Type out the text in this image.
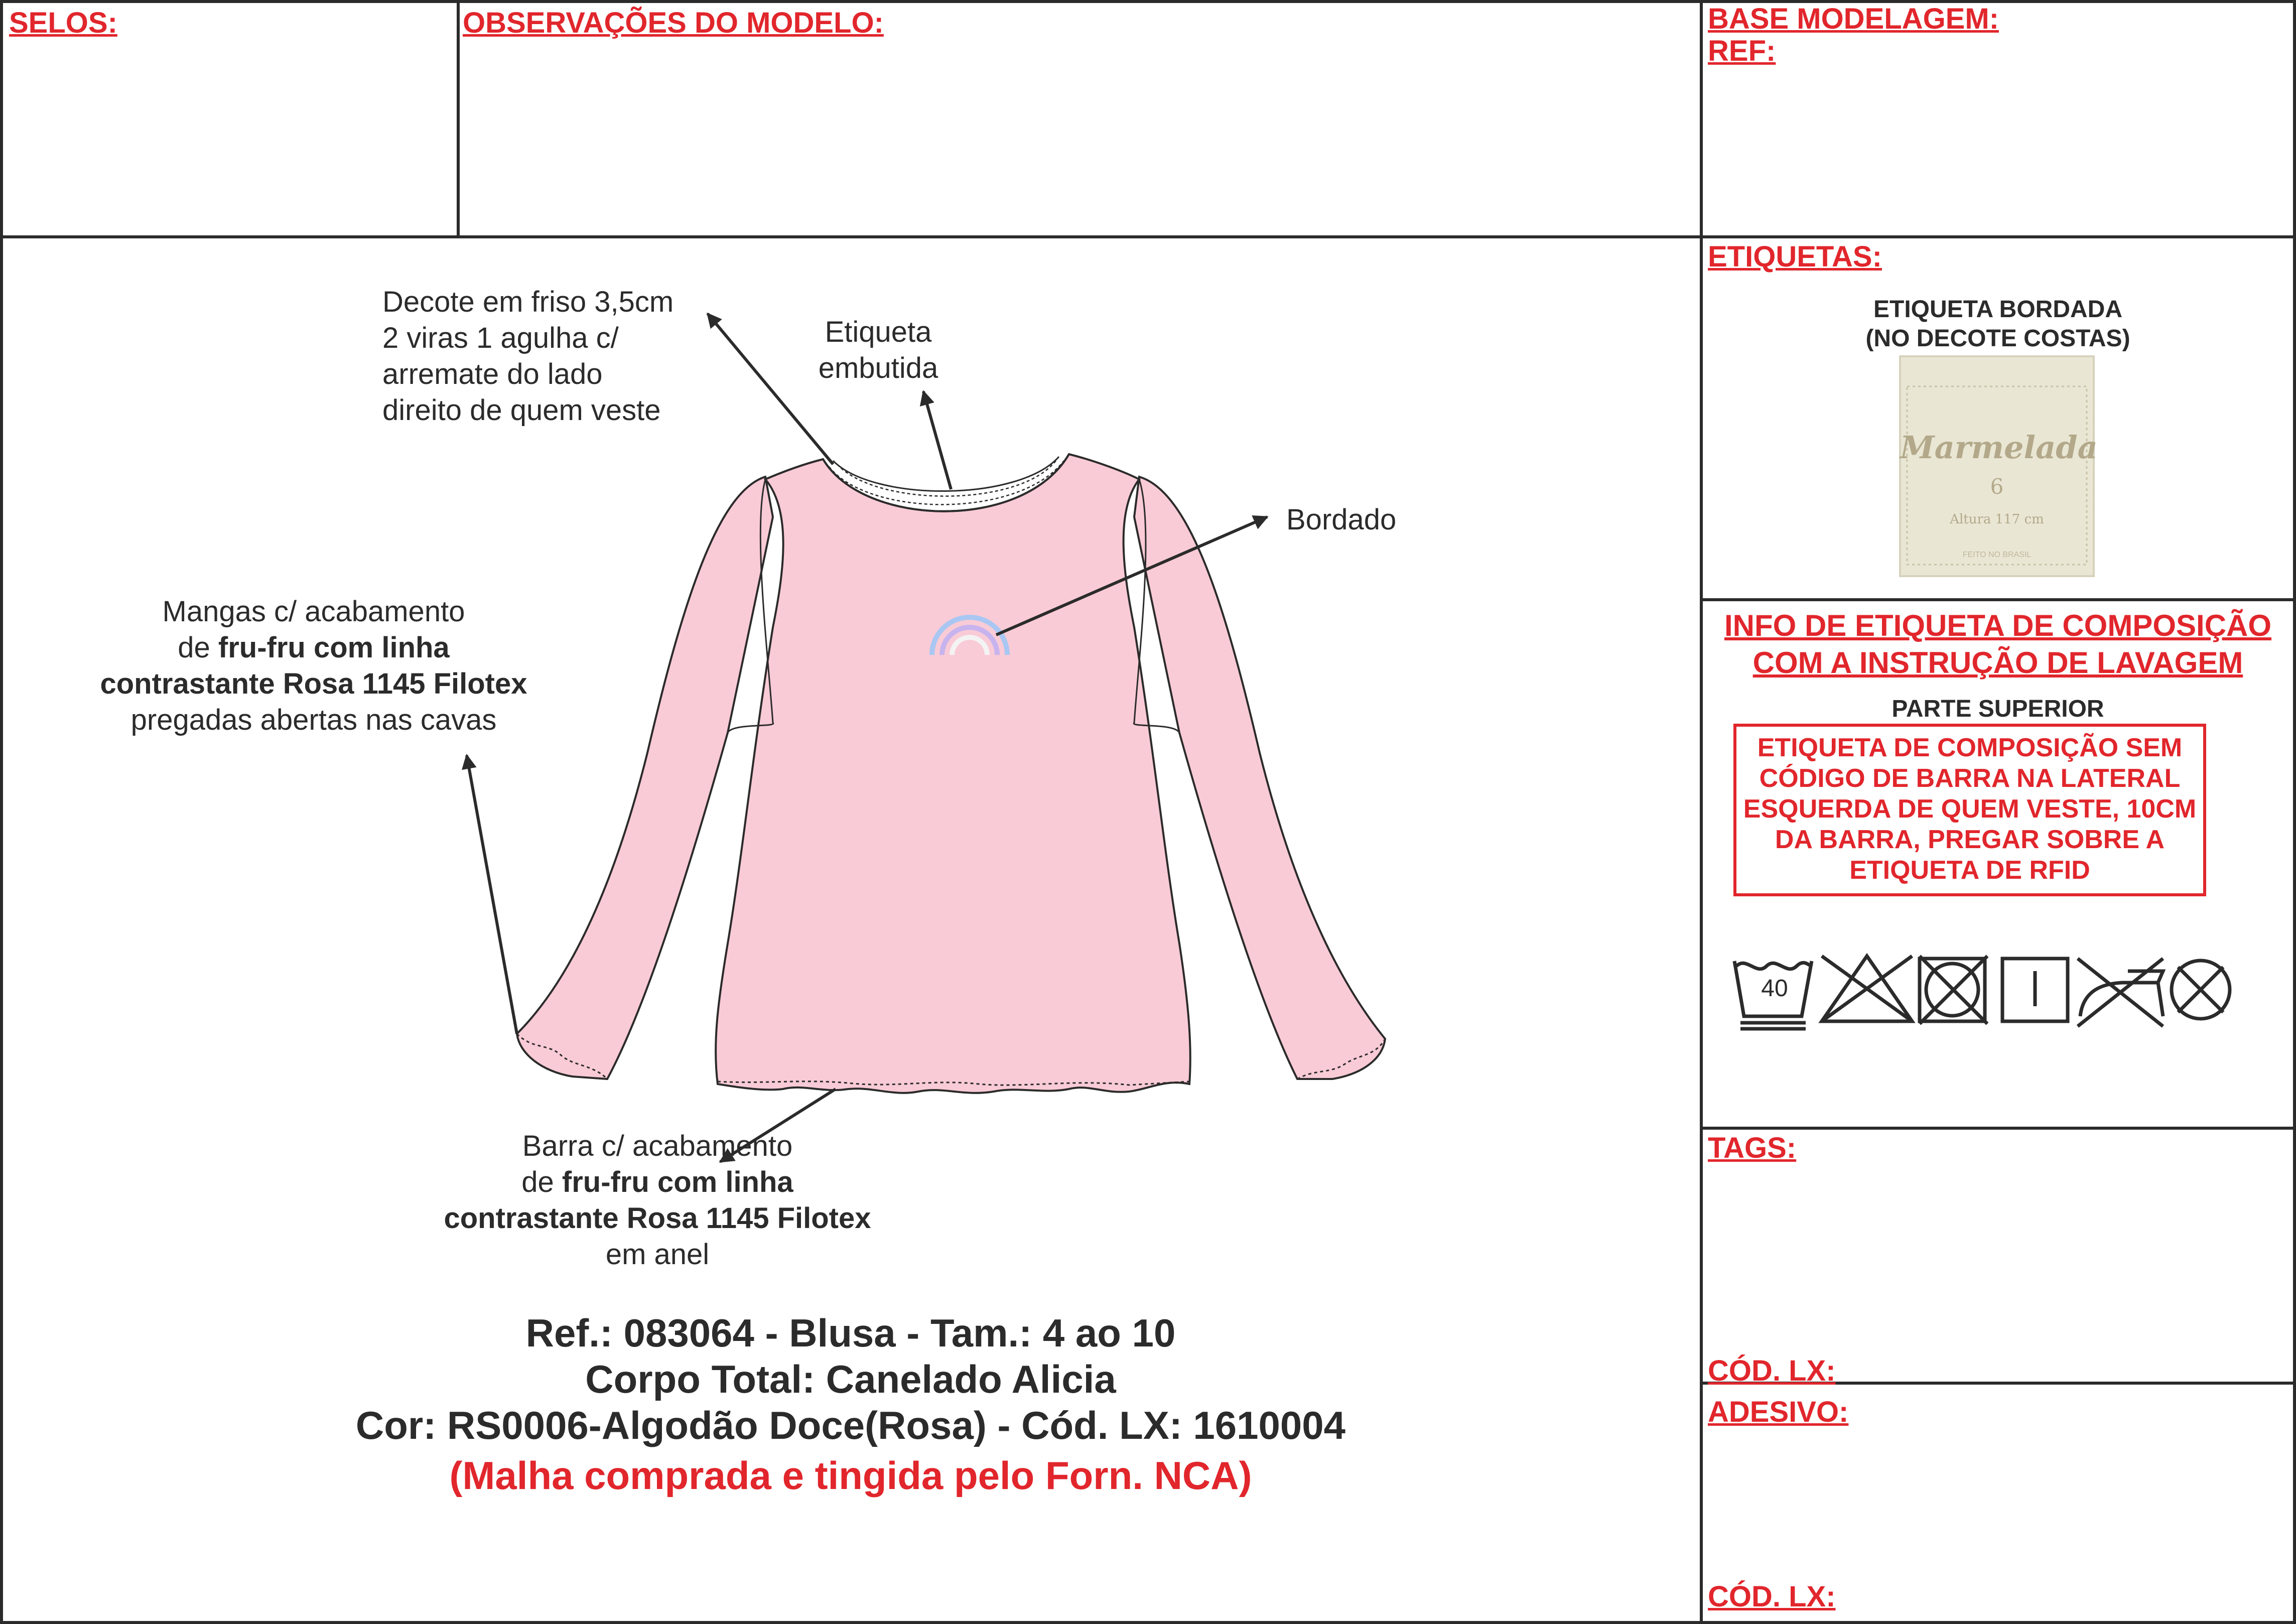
SELOS:	OBSERVAÇÕES DO MODELO:	BASE MODELAGEM:
REF:
ETIQUETAS:
TAGS:
CÓD. LX:
ADESIVO:
CÓD. LX:
ETIQUETA BORDADA
(NO DECOTE COSTAS)
Marmelada
6
Altura 117 cm
FEITO NO BRASIL
INFO DE ETIQUETA DE COMPOSIÇÃO
COM A INSTRUÇÃO DE LAVAGEM
PARTE SUPERIOR
ETIQUETA DE COMPOSIÇÃO SEM
CÓDIGO DE BARRA NA LATERAL
ESQUERDA DE QUEM VESTE, 10CM
DA BARRA, PREGAR SOBRE A
ETIQUETA DE RFID
40
Decote em friso 3,5cm
2 viras 1 agulha c/
arremate do lado
direito de quem veste
Etiqueta
embutida
Bordado
Mangas c/ acabamento
de fru-fru com linha
contrastante Rosa 1145 Filotex
pregadas abertas nas cavas
Barra c/ acabamento
de fru-fru com linha
contrastante Rosa 1145 Filotex
em anel
Ref.: 083064 - Blusa - Tam.: 4 ao 10
Corpo Total: Canelado Alicia
Cor: RS0006-Algodão Doce(Rosa) - Cód. LX: 1610004
(Malha comprada e tingida pelo Forn. NCA)
